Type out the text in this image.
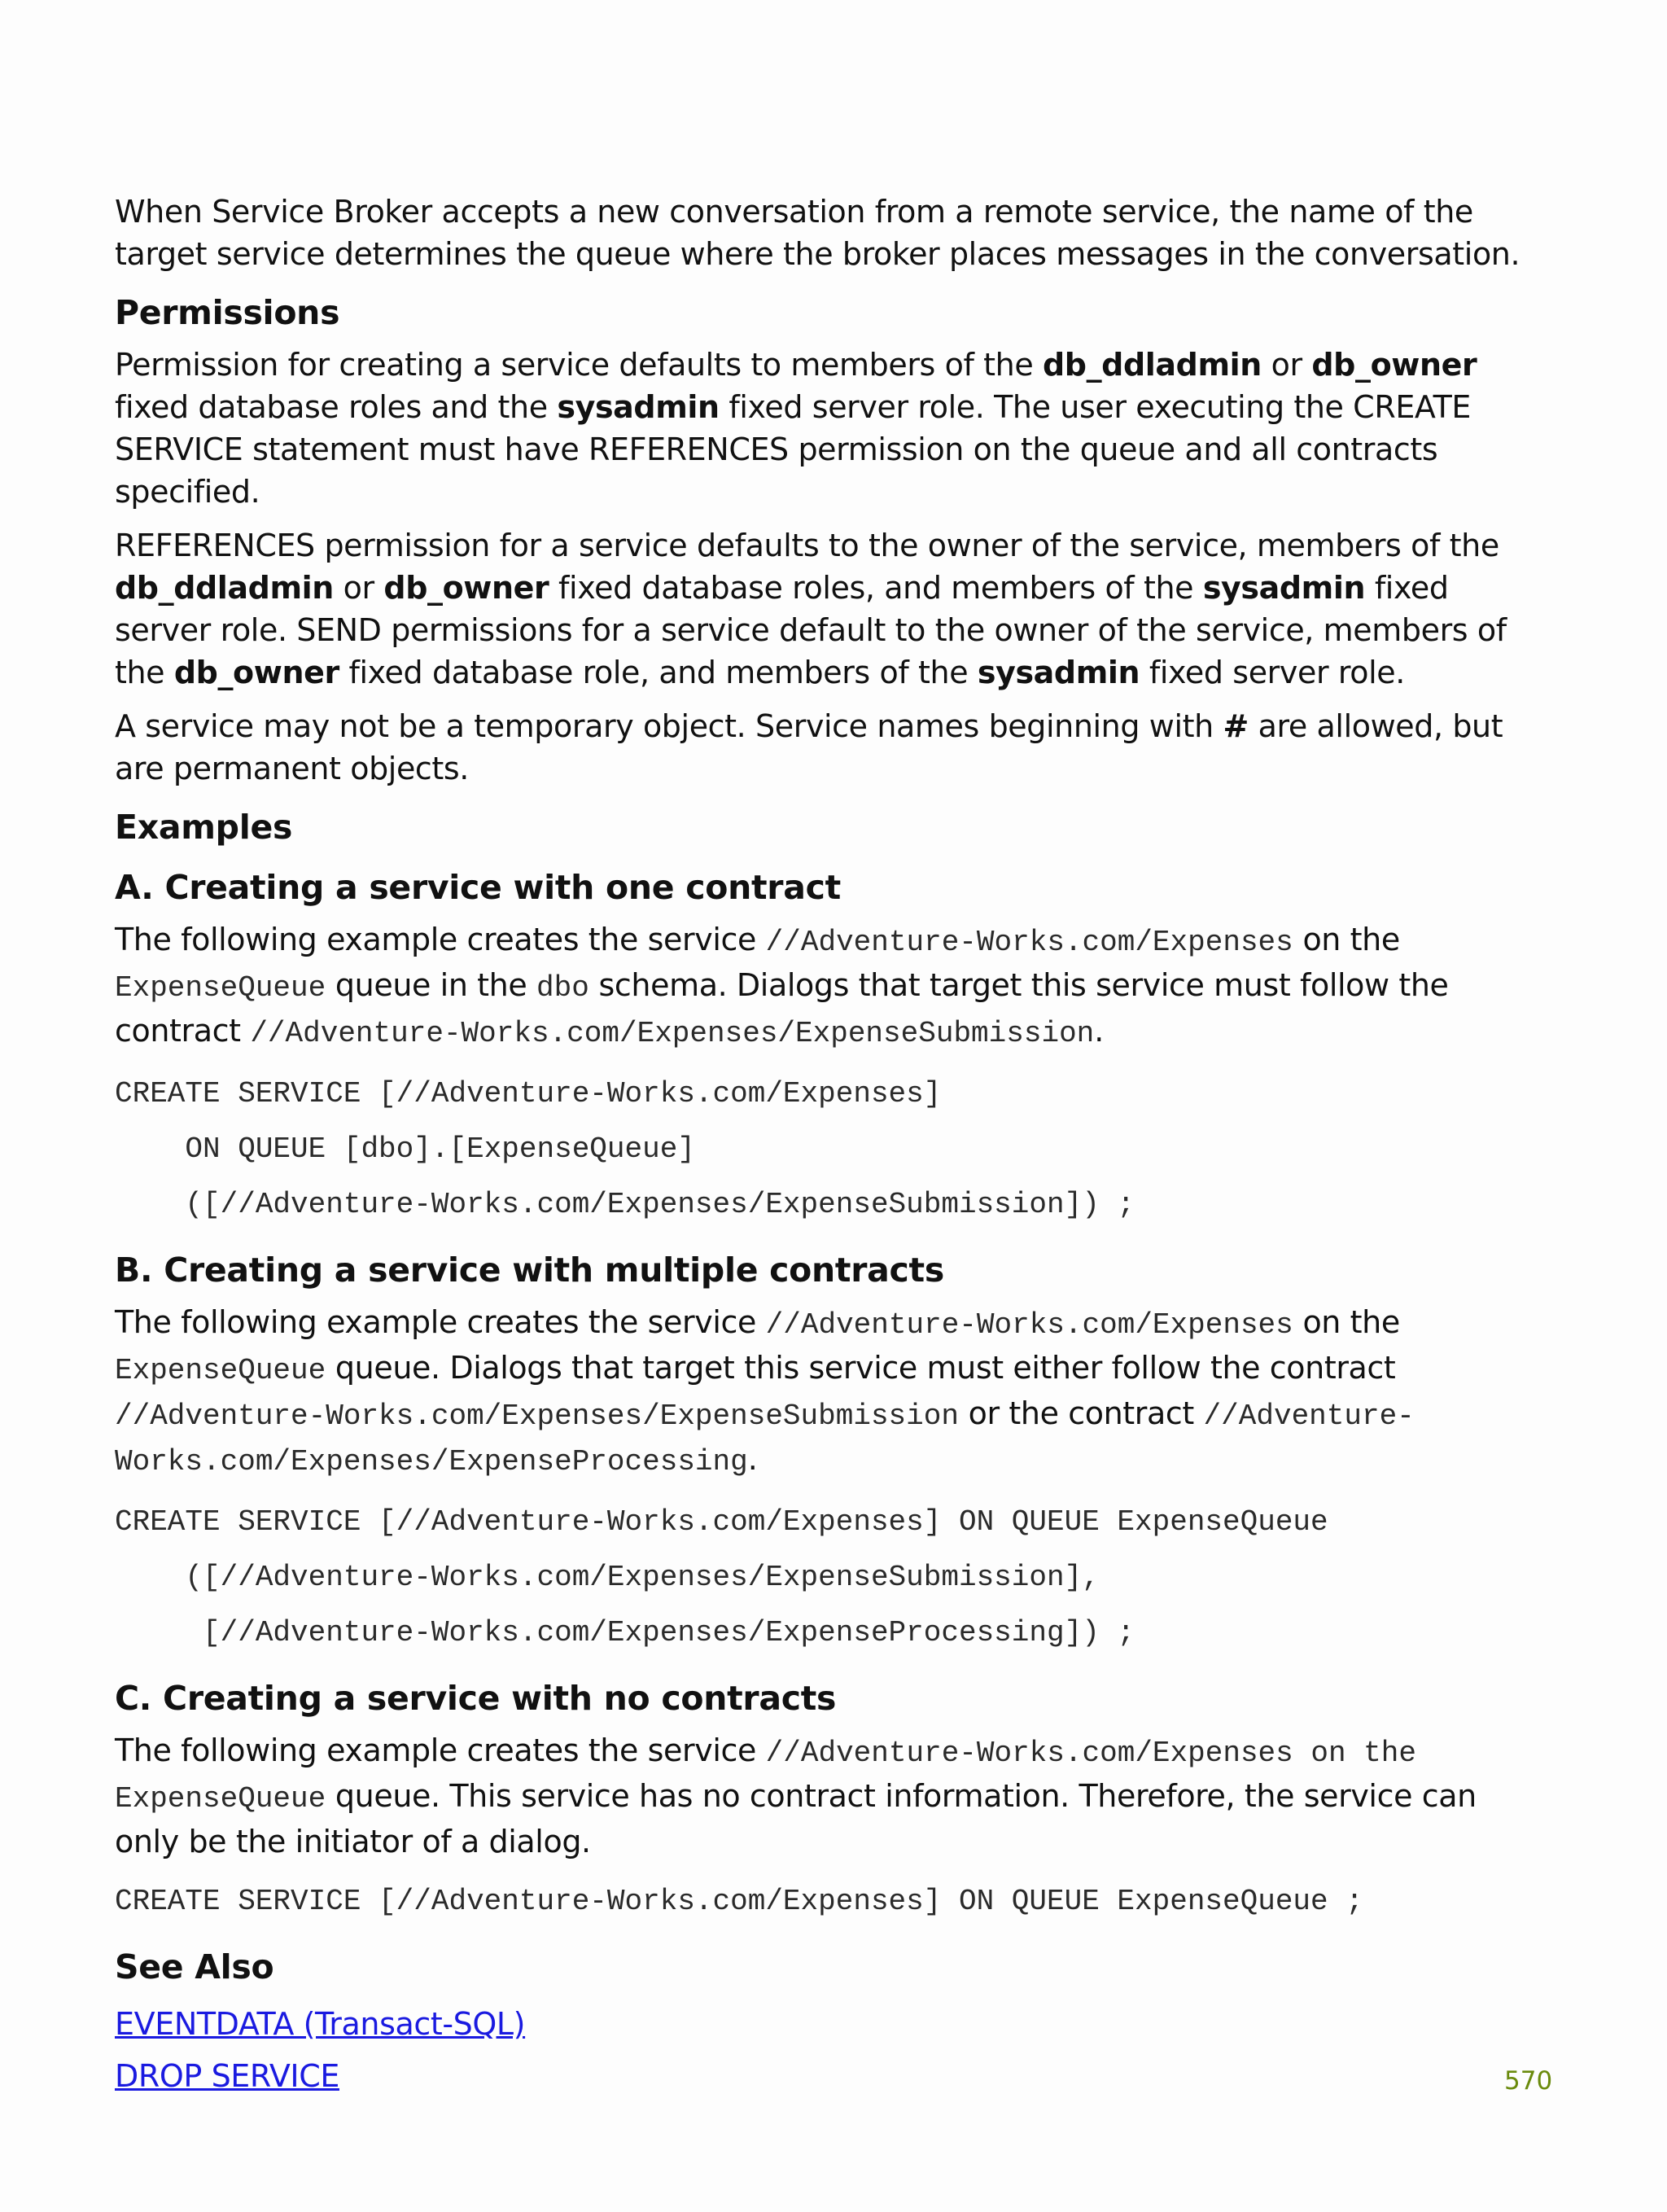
When Service Broker accepts a new conversation from a remote service, the name of the target service determines the queue where the broker places messages in the conversation.

Permissions

Permission for creating a service defaults to members of the db_ddladmin or db_owner fixed database roles and the sysadmin fixed server role. The user executing the CREATE SERVICE statement must have REFERENCES permission on the queue and all contracts specified.

REFERENCES permission for a service defaults to the owner of the service, members of the db_ddladmin or db_owner fixed database roles, and members of the sysadmin fixed server role. SEND permissions for a service default to the owner of the service, members of the db_owner fixed database role, and members of the sysadmin fixed server role.

A service may not be a temporary object. Service names beginning with # are allowed, but are permanent objects.

Examples
A. Creating a service with one contract

The following example creates the service //Adventure-Works.com/Expenses on the ExpenseQueue queue in the dbo schema. Dialogs that target this service must follow the contract //Adventure-Works.com/Expenses/ExpenseSubmission.

CREATE SERVICE [//Adventure-Works.com/Expenses]
ON QUEUE [dbo].[ExpenseQueue]
([//Adventure-Works.com/Expenses/ExpenseSubmission]) ;
B. Creating a service with multiple contracts

The following example creates the service //Adventure-Works.com/Expenses on the ExpenseQueue queue. Dialogs that target this service must either follow the contract //Adventure-Works.com/Expenses/ExpenseSubmission or the contract //Adventure-Works.com/Expenses/ExpenseProcessing.

CREATE SERVICE [//Adventure-Works.com/Expenses] ON QUEUE ExpenseQueue
([//Adventure-Works.com/Expenses/ExpenseSubmission],
[//Adventure-Works.com/Expenses/ExpenseProcessing]) ;
C. Creating a service with no contracts

The following example creates the service //Adventure-Works.com/Expenses on the ExpenseQueue queue. This service has no contract information. Therefore, the service can only be the initiator of a dialog.

CREATE SERVICE [//Adventure-Works.com/Expenses] ON QUEUE ExpenseQueue ;
See Also
EVENTDATA (Transact-SQL)
DROP SERVICE	570
